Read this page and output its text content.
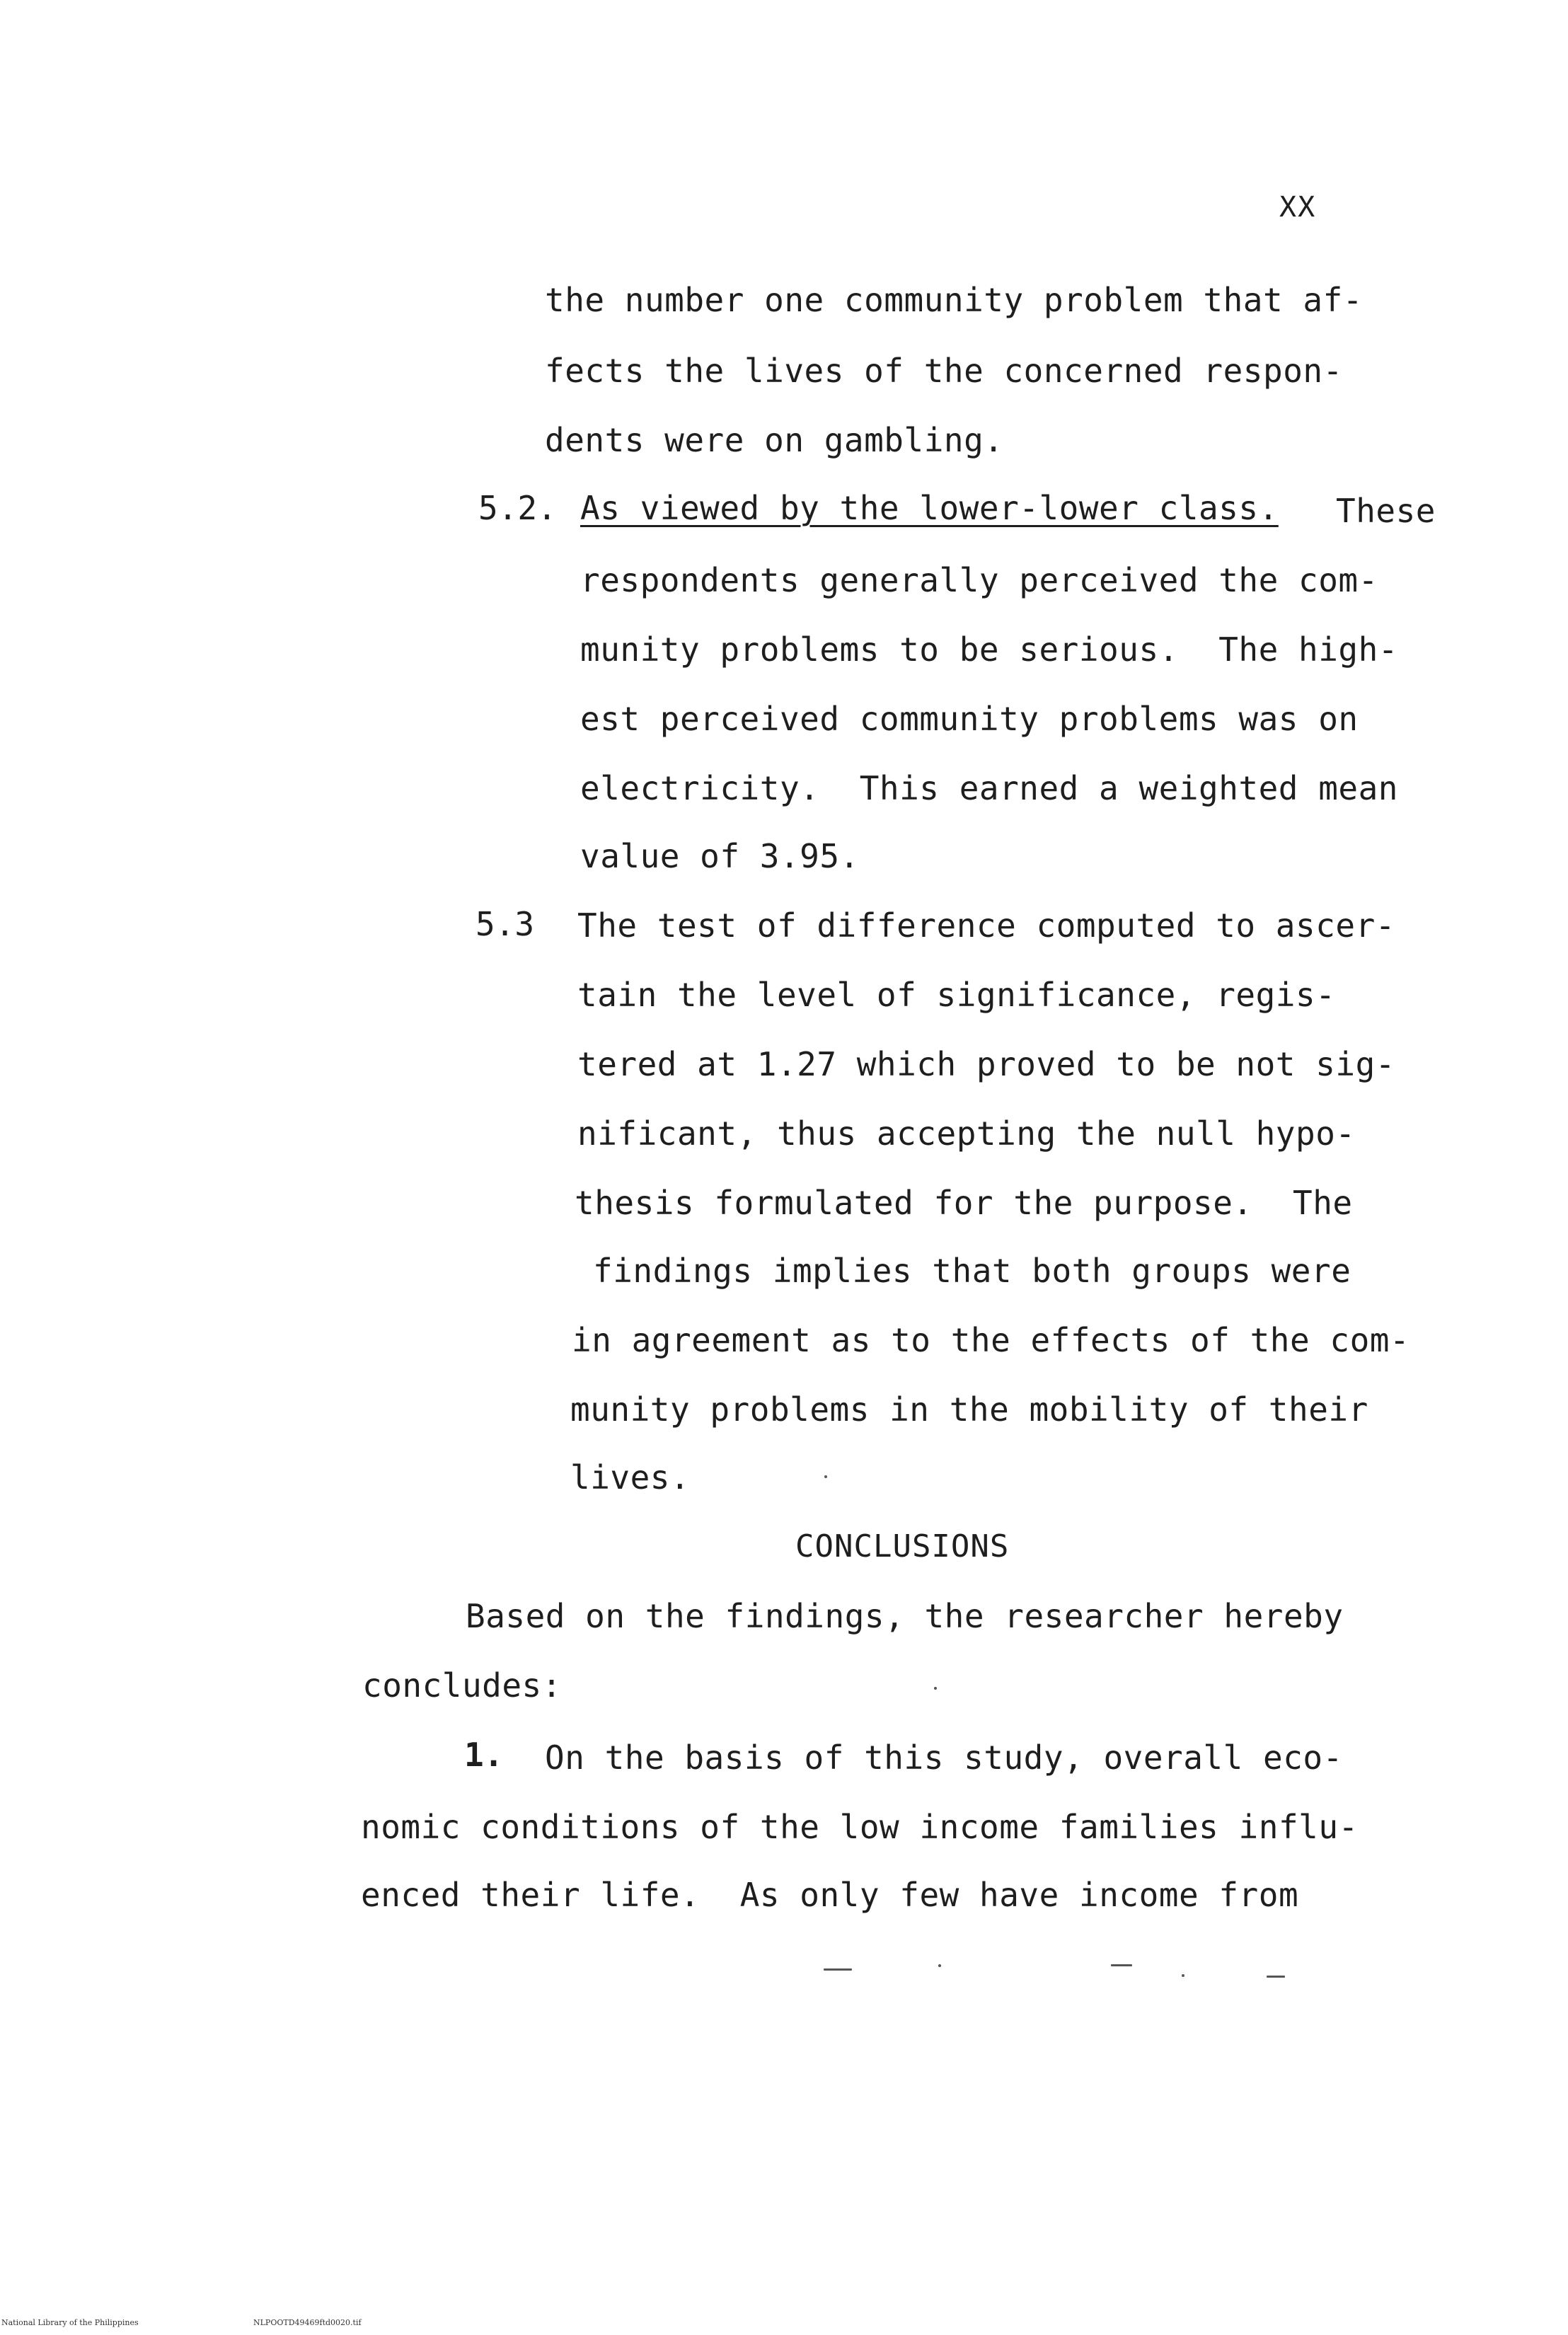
XX
the number one community problem that af-
fects the lives of the concerned respon-
dents were on gambling.
5.2. As viewed by the lower-lower class. These
respondents generally perceived the com-
munity problems to be serious.  The high-
est perceived community problems was on
electricity.  This earned a weighted mean
value of 3.95.
5.3 The test of difference computed to ascer-
tain the level of significance, regis-
tered at 1.27 which proved to be not sig-
nificant, thus accepting the null hypo-
thesis formulated for the purpose.  The
findings implies that both groups were
in agreement as to the effects of the com-
munity problems in the mobility of their
lives.
CONCLUSIONS
Based on the findings, the researcher hereby
concludes:
1. On the basis of this study, overall eco-
nomic conditions of the low income families influ-
enced their life.  As only few have income from
National Library of the Philippines	NLPOOTD49469ftd0020.tif
